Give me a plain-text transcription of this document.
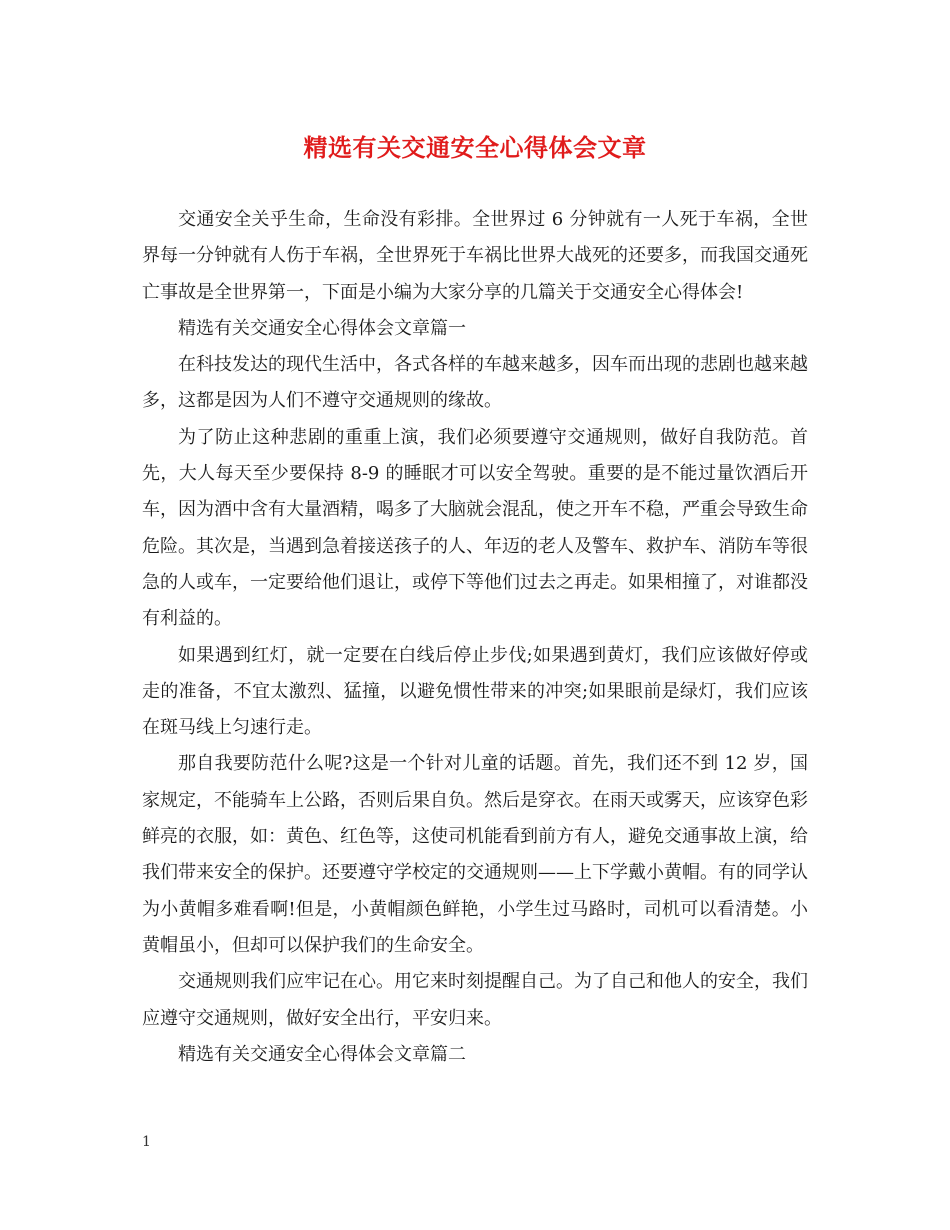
精选有关交通安全心得体会文章

交通安全关乎生命，生命没有彩排。全世界过 6 分钟就有一人死于车祸，全世界每一分钟就有人伤于车祸，全世界死于车祸比世界大战死的还要多，而我国交通死亡事故是全世界第一，下面是小编为大家分享的几篇关于交通安全心得体会!

精选有关交通安全心得体会文章篇一

在科技发达的现代生活中，各式各样的车越来越多，因车而出现的悲剧也越来越多，这都是因为人们不遵守交通规则的缘故。

为了防止这种悲剧的重重上演，我们必须要遵守交通规则，做好自我防范。首先，大人每天至少要保持 8-9 的睡眠才可以安全驾驶。重要的是不能过量饮酒后开车，因为酒中含有大量酒精，喝多了大脑就会混乱，使之开车不稳，严重会导致生命危险。其次是，当遇到急着接送孩子的人、年迈的老人及警车、救护车、消防车等很急的人或车，一定要给他们退让，或停下等他们过去之再走。如果相撞了，对谁都没有利益的。

如果遇到红灯，就一定要在白线后停止步伐;如果遇到黄灯，我们应该做好停或走的准备，不宜太激烈、猛撞，以避免惯性带来的冲突;如果眼前是绿灯，我们应该在斑马线上匀速行走。

那自我要防范什么呢?这是一个针对儿童的话题。首先，我们还不到 12 岁，国家规定，不能骑车上公路，否则后果自负。然后是穿衣。在雨天或雾天，应该穿色彩鲜亮的衣服，如：黄色、红色等，这使司机能看到前方有人，避免交通事故上演，给我们带来安全的保护。还要遵守学校定的交通规则——上下学戴小黄帽。有的同学认为小黄帽多难看啊!但是，小黄帽颜色鲜艳，小学生过马路时，司机可以看清楚。小黄帽虽小，但却可以保护我们的生命安全。

交通规则我们应牢记在心。用它来时刻提醒自己。为了自己和他人的安全，我们应遵守交通规则，做好安全出行，平安归来。

精选有关交通安全心得体会文章篇二

1
